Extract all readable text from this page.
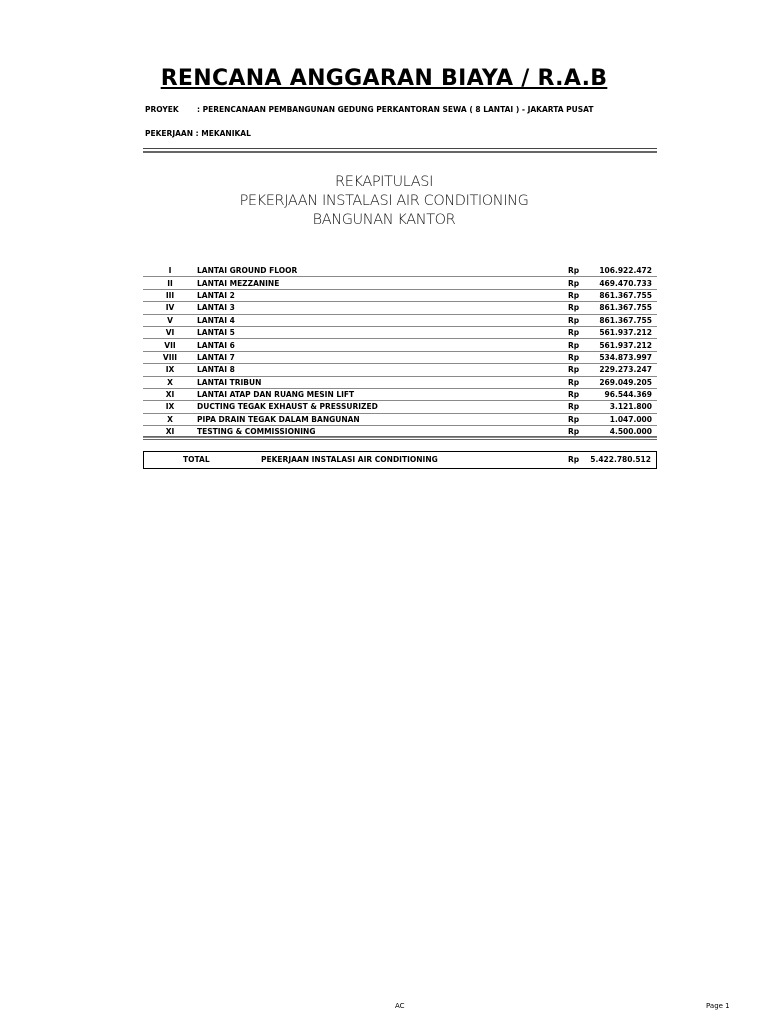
RENCANA ANGGARAN BIAYA / R.A.B
PROYEK : PERENCANAAN PEMBANGUNAN GEDUNG PERKANTORAN SEWA ( 8 LANTAI ) - JAKARTA PUSAT
PEKERJAAN : MEKANIKAL
REKAPITULASI
PEKERJAAN INSTALASI AIR CONDITIONING
BANGUNAN KANTOR
I	LANTAI GROUND FLOOR	Rp	106.922.472
II	LANTAI MEZZANINE	Rp	469.470.733
III	LANTAI 2	Rp	861.367.755
IV	LANTAI 3	Rp	861.367.755
V	LANTAI 4	Rp	861.367.755
VI	LANTAI 5	Rp	561.937.212
VII	LANTAI 6	Rp	561.937.212
VIII	LANTAI 7	Rp	534.873.997
IX	LANTAI 8	Rp	229.273.247
X	LANTAI TRIBUN	Rp	269.049.205
XI	LANTAI ATAP DAN RUANG MESIN LIFT	Rp	96.544.369
IX	DUCTING TEGAK EXHAUST & PRESSURIZED	Rp	3.121.800
X	PIPA DRAIN TEGAK DALAM BANGUNAN	Rp	1.047.000
XI	TESTING & COMMISSIONING	Rp	4.500.000
TOTAL	PEKERJAAN INSTALASI AIR CONDITIONING	Rp 5.422.780.512
AC	Page 1
